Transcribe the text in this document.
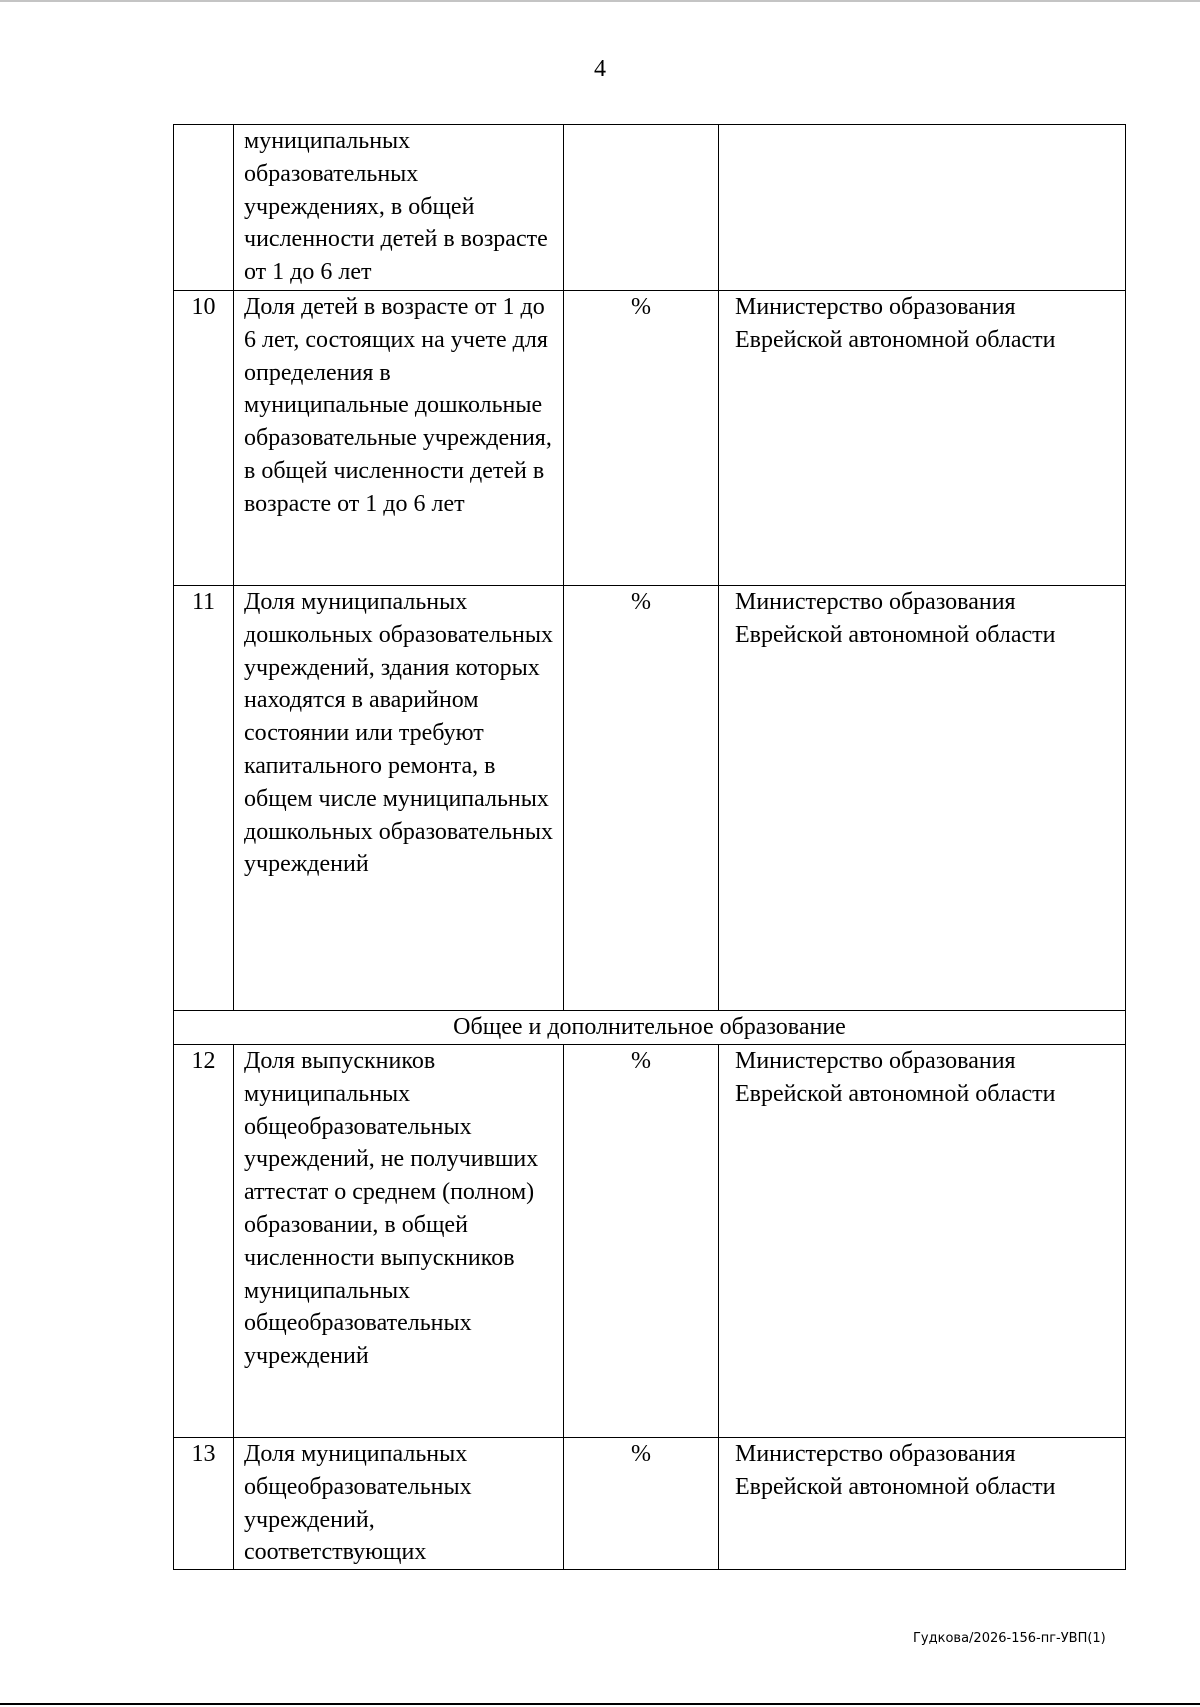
4
	муниципальных образовательных учреждениях, в общей численности детей в возрасте от 1 до 6 лет		
10	Доля детей в возрасте от 1 до 6 лет, состоящих на учете для определения в муниципальные дошкольные образовательные учреждения, в общей численности детей в возрасте от 1 до 6 лет	%	Министерство образования Еврейской автономной области
11	Доля муниципальных дошкольных образовательных учреждений, здания которых находятся в аварийном состоянии или требуют капитального ремонта, в общем числе муниципальных дошкольных образовательных учреждений	%	Министерство образования Еврейской автономной области
Общее и дополнительное образование			
12	Доля выпускников муниципальных общеобразовательных учреждений, не получивших аттестат о среднем (полном) образовании, в общей численности выпускников муниципальных общеобразовательных учреждений	%	Министерство образования Еврейской автономной области
13	Доля муниципальных общеобразовательных учреждений, соответствующих	%	Министерство образования Еврейской автономной области
Гудкова/2026-156-пг-УВП(1)
